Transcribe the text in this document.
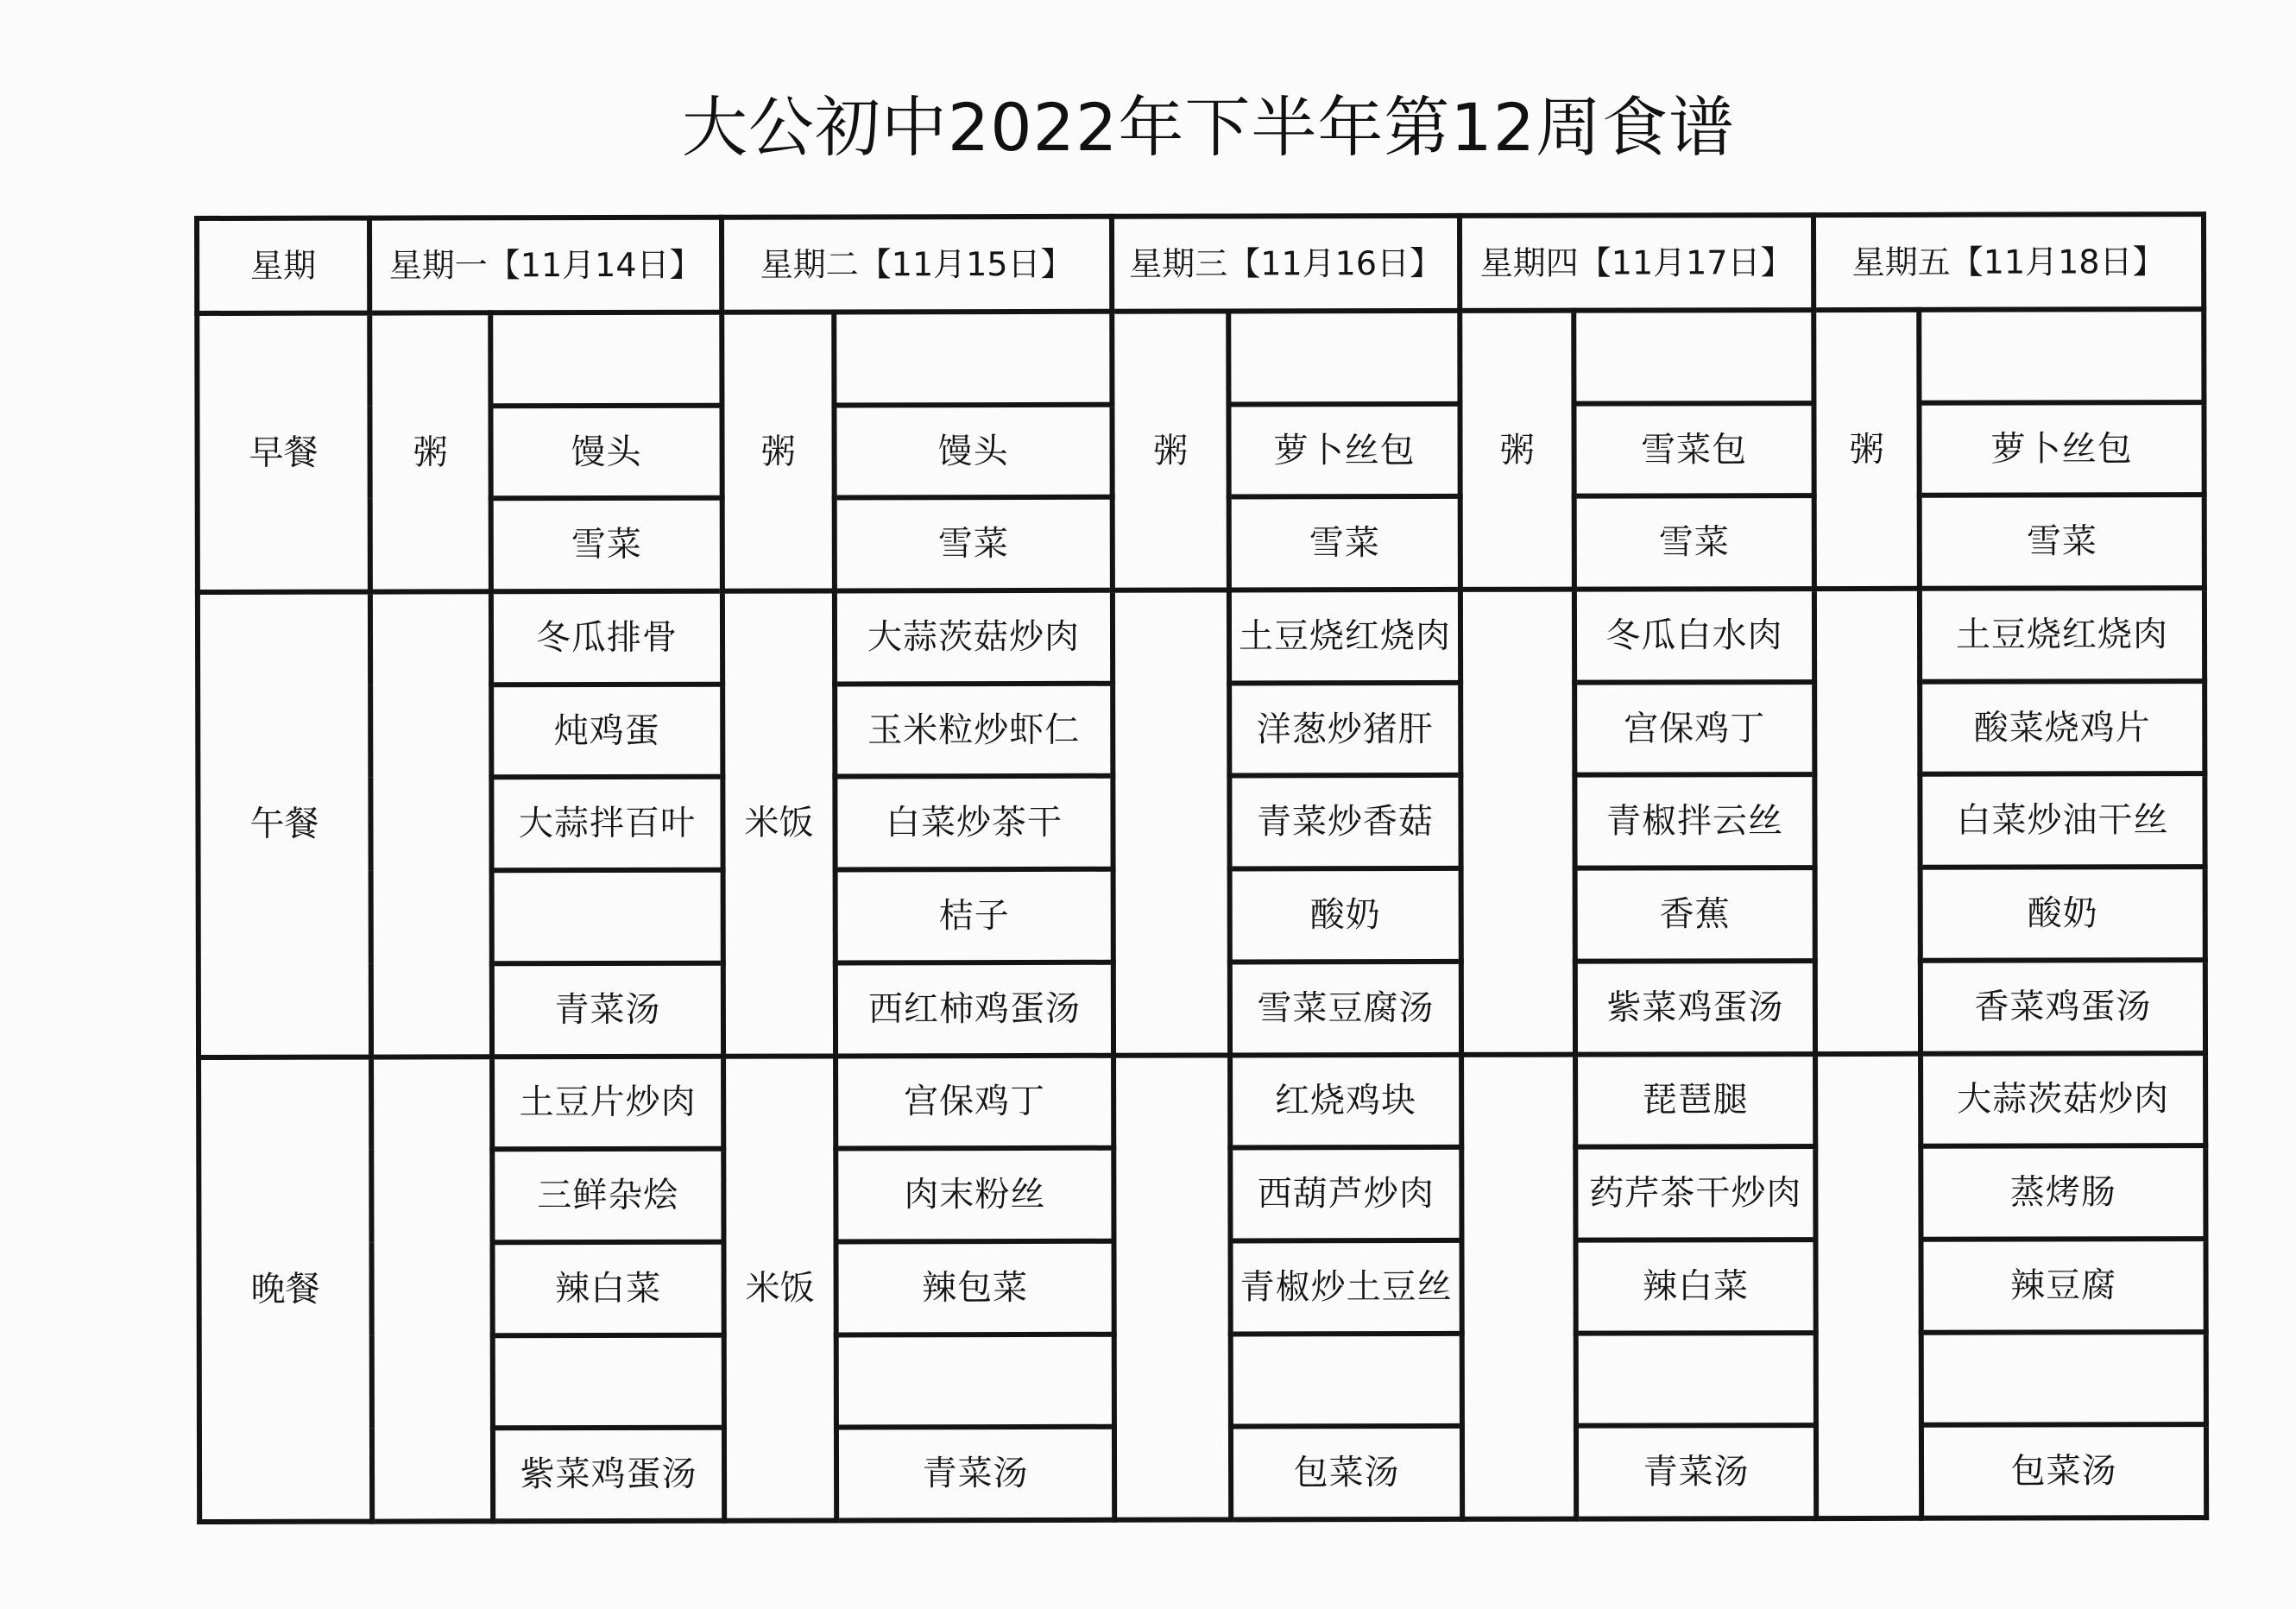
大公初中2022年下半年第12周食谱
星期	星期一【11月14日】		星期二【11月15日】		星期三【11月16日】		星期四【11月17日】		星期五【11月18日】	
早餐	粥		粥		粥		粥		粥	
		馒头		馒头		萝卜丝包		雪菜包		萝卜丝包
		雪菜		雪菜		雪菜		雪菜		雪菜
午餐		冬瓜排骨	米饭	大蒜茨菇炒肉		土豆烧红烧肉		冬瓜白水肉		土豆烧红烧肉
		炖鸡蛋		玉米粒炒虾仁		洋葱炒猪肝		宫保鸡丁		酸菜烧鸡片
		大蒜拌百叶		白菜炒茶干		青菜炒香菇		青椒拌云丝		白菜炒油干丝
				桔子		酸奶		香蕉		酸奶
		青菜汤		西红柿鸡蛋汤		雪菜豆腐汤		紫菜鸡蛋汤		香菜鸡蛋汤
晚餐		土豆片炒肉	米饭	宫保鸡丁		红烧鸡块		琵琶腿		大蒜茨菇炒肉
		三鲜杂烩		肉末粉丝		西葫芦炒肉		药芹茶干炒肉		蒸烤肠
		辣白菜		辣包菜		青椒炒土豆丝		辣白菜		辣豆腐

		紫菜鸡蛋汤		青菜汤		包菜汤		青菜汤		包菜汤
